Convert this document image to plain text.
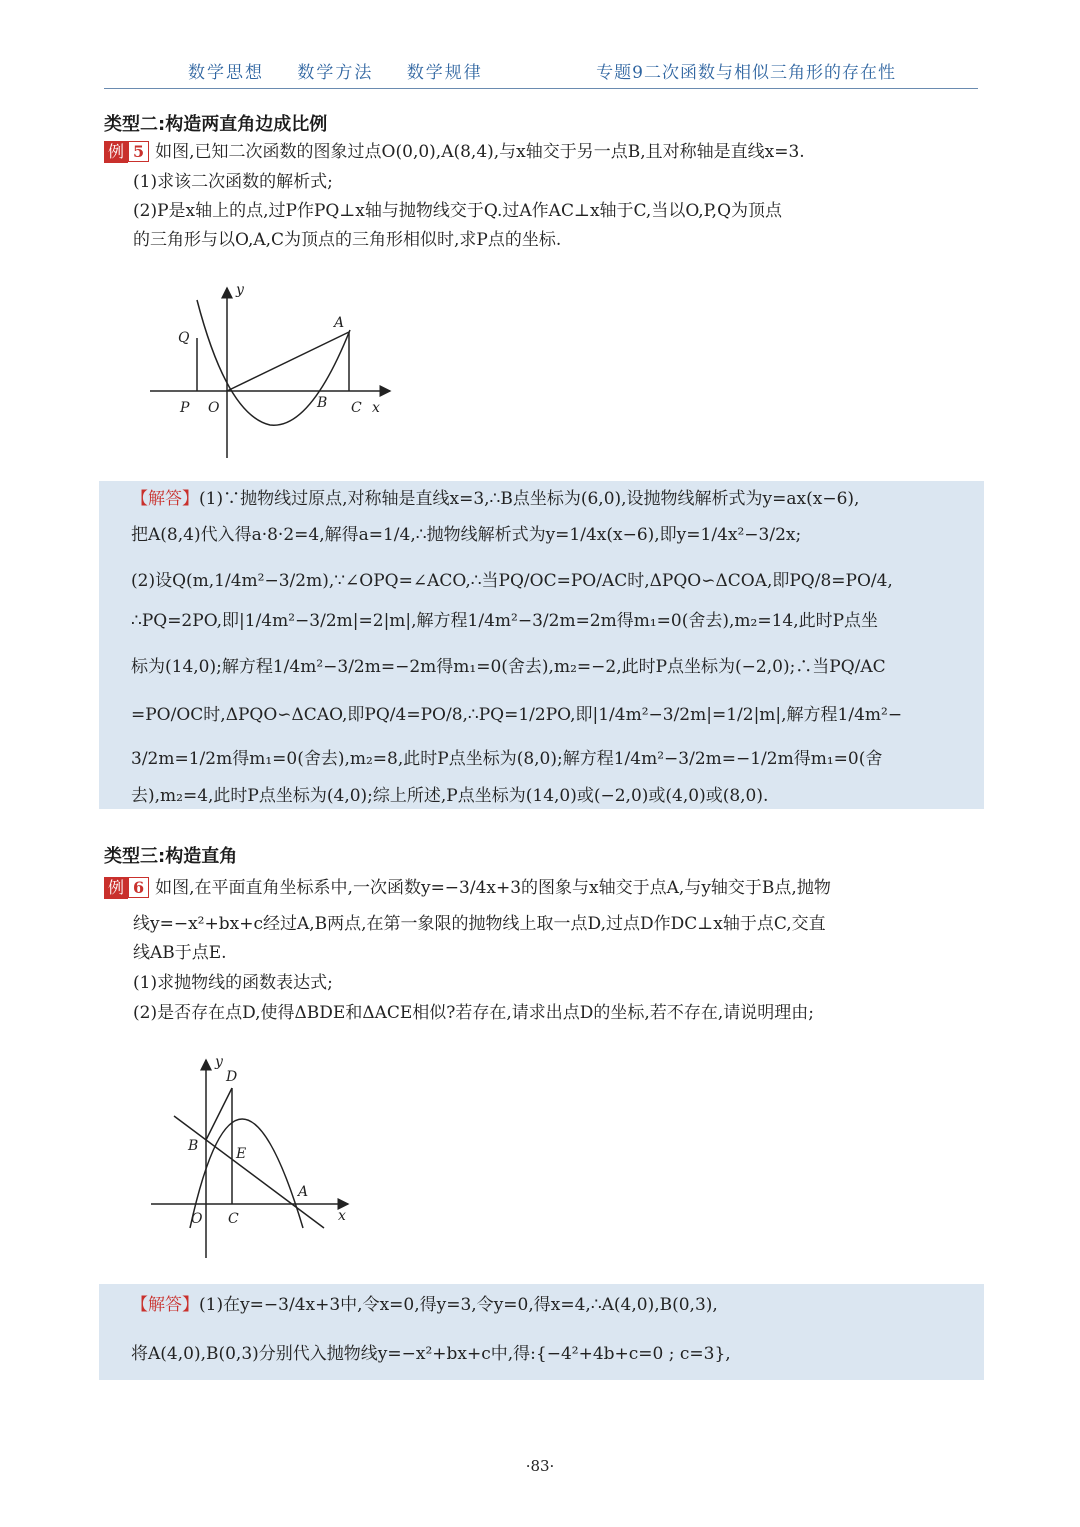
数学思想 数学方法 数学规律	专题9二次函数与相似三角形的存在性
类型二:构造两直角边成比例
例 5 如图,已知二次函数的图象过点O(0,0),A(8,4),与x轴交于另一点B,且对称轴是直线x=3.
(1)求该二次函数的解析式;
(2)P是x轴上的点,过P作PQ⊥x轴与抛物线交于Q.过A作AC⊥x轴于C,当以O,P,Q为顶点
的三角形与以O,A,C为顶点的三角形相似时,求P点的坐标.
y
A
Q
P O	B C x
【解答】(1)∵抛物线过原点,对称轴是直线x=3,∴B点坐标为(6,0),设抛物线解析式为y=ax(x−6),
把A(8,4)代入得a·8·2=4,解得a=1/4,∴抛物线解析式为y=1/4x(x−6),即y=1/4x²−3/2x;
(2)设Q(m,1/4m²−3/2m),∵∠OPQ=∠ACO,∴当PQ/OC=PO/AC时,ΔPQO∽ΔCOA,即PQ/8=PO/4,
∴PQ=2PO,即|1/4m²−3/2m|=2|m|,解方程1/4m²−3/2m=2m得m₁=0(舍去),m₂=14,此时P点坐
标为(14,0);解方程1/4m²−3/2m=−2m得m₁=0(舍去),m₂=−2,此时P点坐标为(−2,0);∴当PQ/AC
=PO/OC时,ΔPQO∽ΔCAO,即PQ/4=PO/8,∴PQ=1/2PO,即|1/4m²−3/2m|=1/2|m|,解方程1/4m²−
3/2m=1/2m得m₁=0(舍去),m₂=8,此时P点坐标为(8,0);解方程1/4m²−3/2m=−1/2m得m₁=0(舍
去),m₂=4,此时P点坐标为(4,0);综上所述,P点坐标为(14,0)或(−2,0)或(4,0)或(8,0).
类型三:构造直角
例 6 如图,在平面直角坐标系中,一次函数y=−3/4x+3的图象与x轴交于点A,与y轴交于B点,抛物
线y=−x²+bx+c经过A,B两点,在第一象限的抛物线上取一点D,过点D作DC⊥x轴于点C,交直
线AB于点E.
(1)求抛物线的函数表达式;
(2)是否存在点D,使得ΔBDE和ΔACE相似?若存在,请求出点D的坐标,若不存在,请说明理由;
y
D
B	E
A
O C	x
【解答】(1)在y=−3/4x+3中,令x=0,得y=3,令y=0,得x=4,∴A(4,0),B(0,3),
将A(4,0),B(0,3)分别代入抛物线y=−x²+bx+c中,得:{−4²+4b+c=0 ; c=3},
·83·
